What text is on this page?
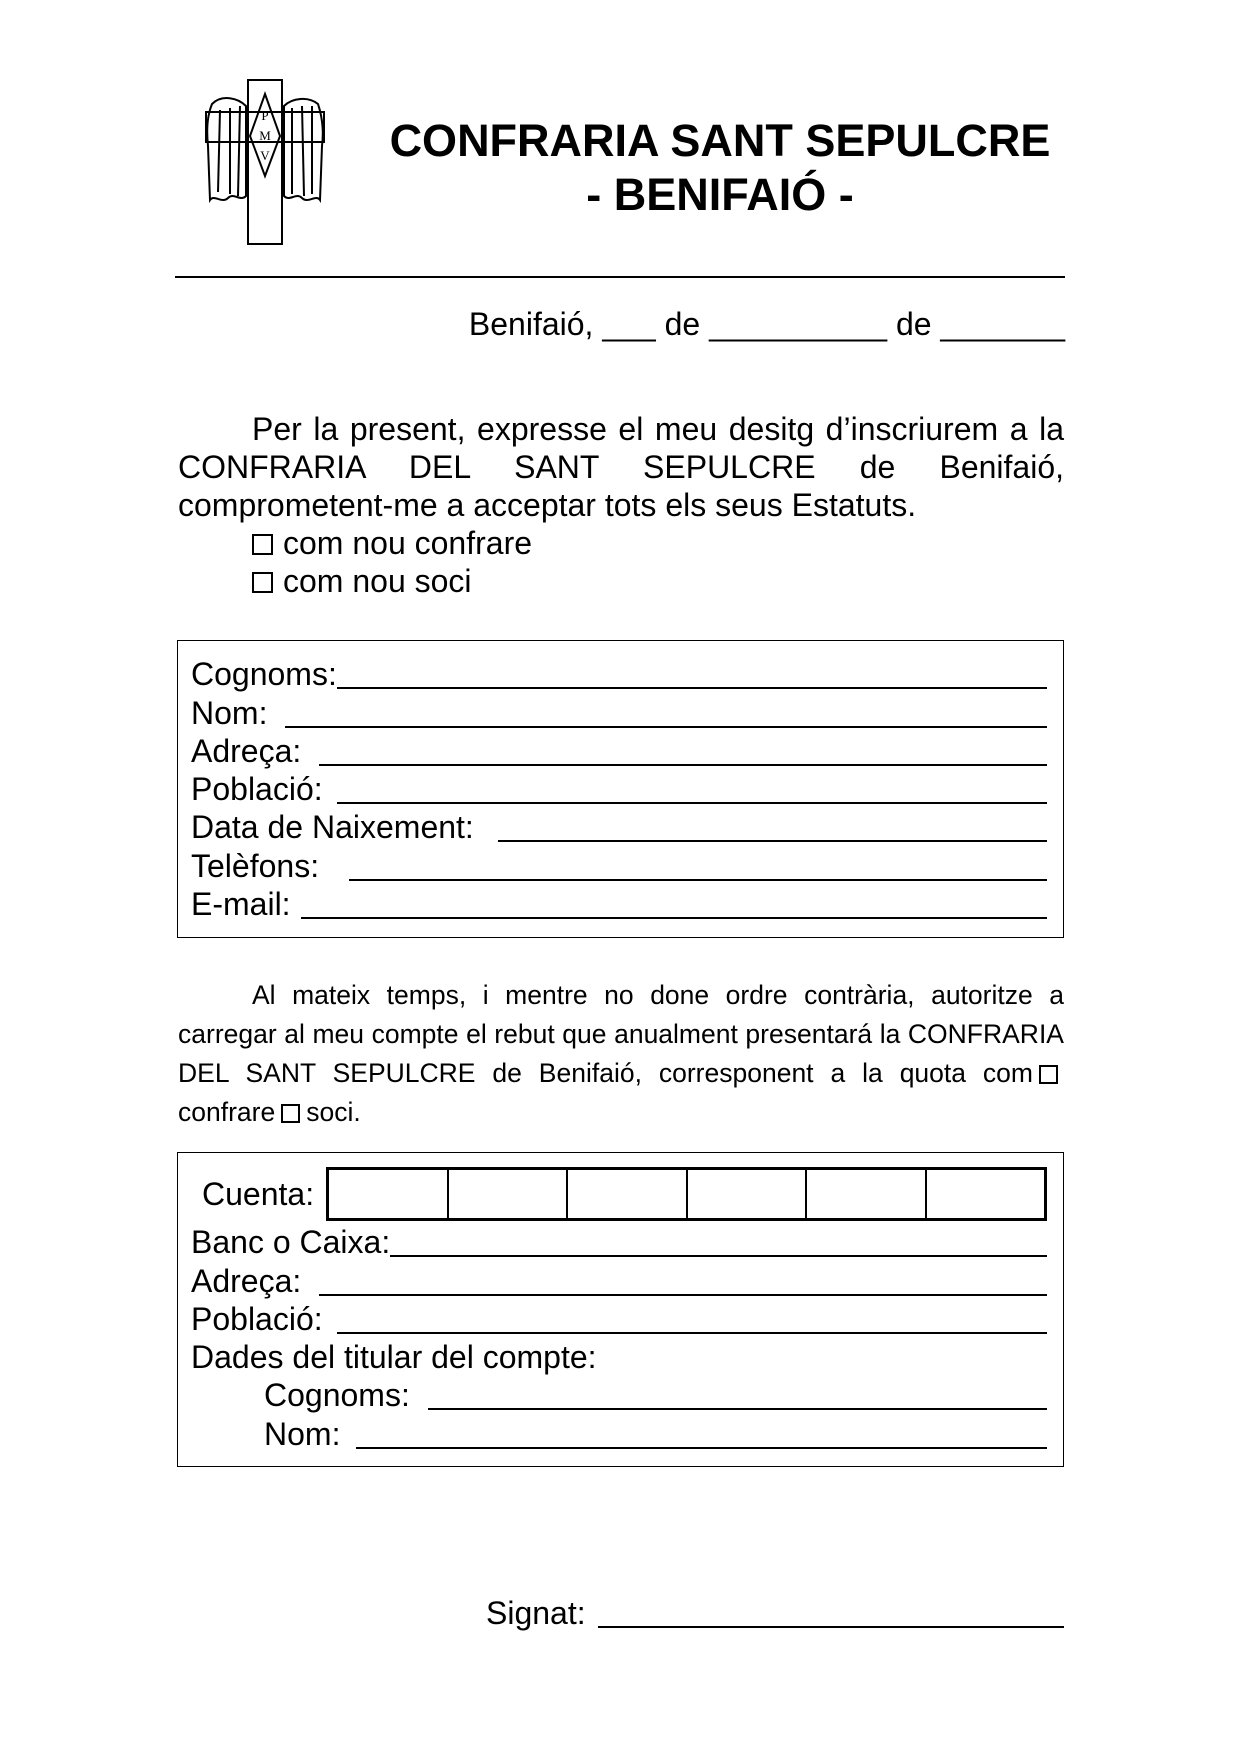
P
M
V	CONFRARIA SANT SEPULCRE
- BENIFAIÓ -
Benifaió, ___ de __________ de _______
Per la present, expresse el meu desitg d’inscriurem a la CONFRARIA DEL SANT SEPULCRE de Benifaió, comprometent-me a acceptar tots els seus Estatuts.
com nou confrare
com nou soci
Cognoms:
Nom:
Adreça:
Població:
Data de Naixement:
Telèfons:
E-mail:
Al mateix temps, i mentre no done ordre contrària, autoritze a carregar al meu compte el rebut que anualment presentará la CONFRARIA DEL SANT SEPULCRE de Benifaió, corresponent a la quota comconfrare soci.
Cuenta:
Banc o Caixa:
Adreça:
Població:
Dades del titular del compte:
Cognoms:
Nom:
Signat:
